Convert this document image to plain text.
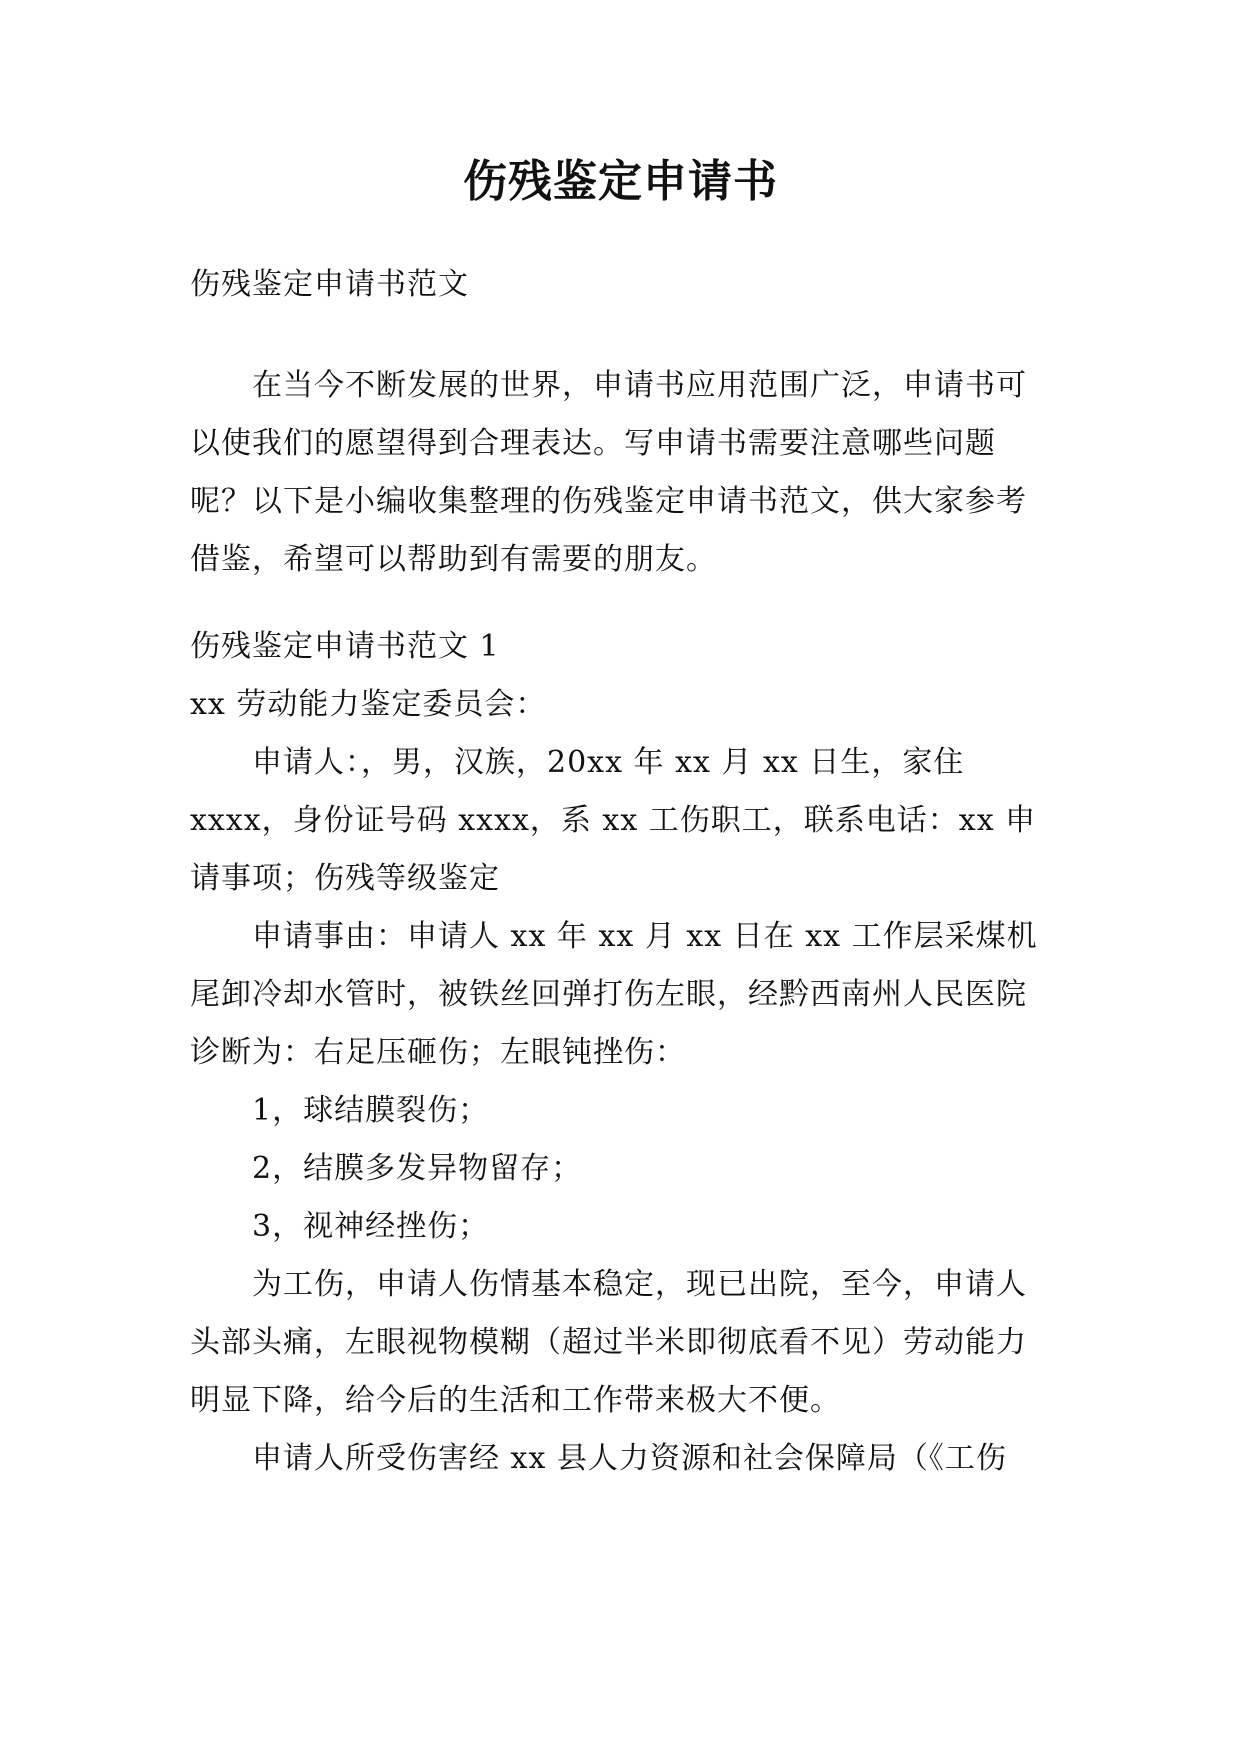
伤残鉴定申请书

伤残鉴定申请书范文

在当今不断发展的世界，申请书应用范围广泛，申请书可以使我们的愿望得到合理表达。写申请书需要注意哪些问题呢？以下是小编收集整理的伤残鉴定申请书范文，供大家参考借鉴，希望可以帮助到有需要的朋友。

伤残鉴定申请书范文 1

xx 劳动能力鉴定委员会：

申请人：，男，汉族，20xx 年 xx 月 xx 日生，家住 xxxx，身份证号码 xxxx，系 xx 工伤职工，联系电话：xx 申请事项；伤残等级鉴定

申请事由：申请人 xx 年 xx 月 xx 日在 xx 工作层采煤机尾卸冷却水管时，被铁丝回弹打伤左眼，经黔西南州人民医院诊断为：右足压砸伤；左眼钝挫伤：

1，球结膜裂伤；

2，结膜多发异物留存；

3，视神经挫伤；

为工伤，申请人伤情基本稳定，现已出院，至今，申请人头部头痛，左眼视物模糊（超过半米即彻底看不见）劳动能力明显下降，给今后的生活和工作带来极大不便。

申请人所受伤害经 xx 县人力资源和社会保障局（《工伤
